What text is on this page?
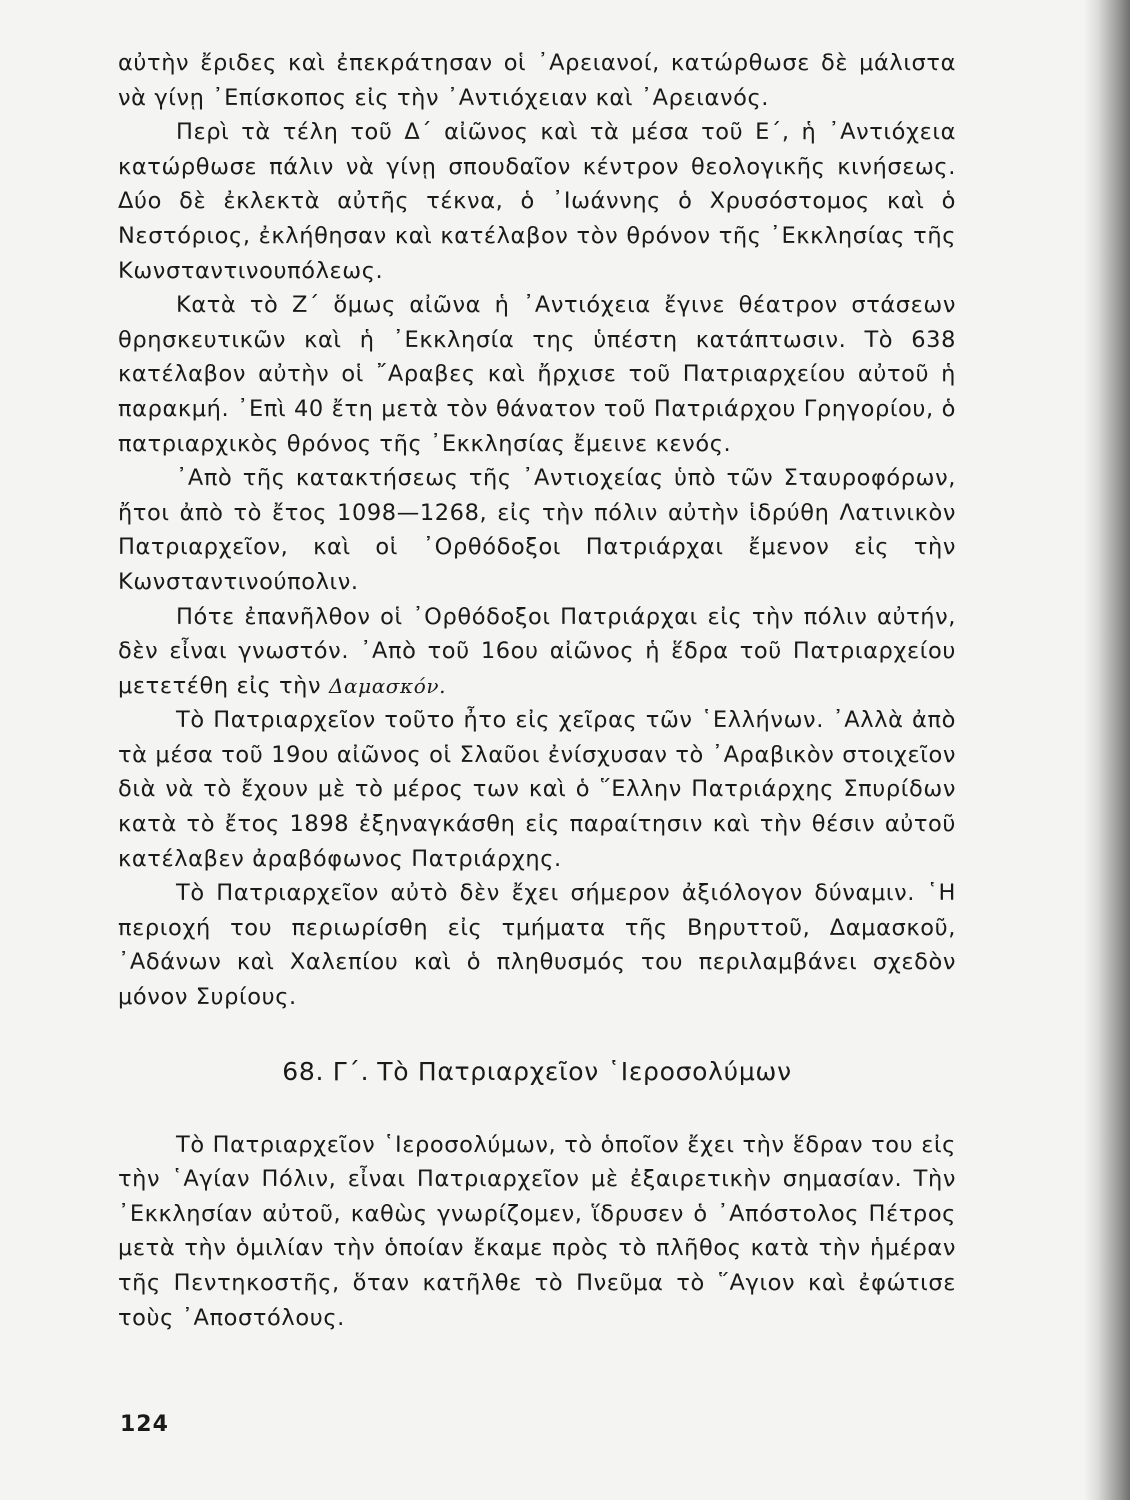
αὐτὴν ἔριδες καὶ ἐπεκράτησαν οἱ ᾿Αρειανοί, κατώρθωσε δὲ μάλιστα νὰ γίνῃ ᾿Επίσκοπος εἰς τὴν ᾿Αντιόχειαν καὶ ᾿Αρειανός.

Περὶ τὰ τέλη τοῦ Δ΄ αἰῶνος καὶ τὰ μέσα τοῦ Ε΄, ἡ ᾿Αντιόχεια κατώρθωσε πάλιν νὰ γίνῃ σπουδαῖον κέντρον θεολογικῆς κινήσεως. Δύο δὲ ἐκλεκτὰ αὐτῆς τέκνα, ὁ ᾿Ιωάννης ὁ Χρυσόστομος καὶ ὁ Νεστόριος, ἐκλήθησαν καὶ κατέλαβον τὸν θρόνον τῆς ᾿Εκκλησίας τῆς Κωνσταντινουπόλεως.

Κατὰ τὸ Ζ΄ ὅμως αἰῶνα ἡ ᾿Αντιόχεια ἔγινε θέατρον στάσεων θρησκευτικῶν καὶ ἡ ᾿Εκκλησία της ὑπέστη κατάπτωσιν. Τὸ 638 κατέλαβον αὐτὴν οἱ ῎Αραβες καὶ ἤρχισε τοῦ Πατριαρχείου αὐτοῦ ἡ παρακμή. ᾿Επὶ 40 ἔτη μετὰ τὸν θάνατον τοῦ Πατριάρχου Γρηγορίου, ὁ πατριαρχικὸς θρόνος τῆς ᾿Εκκλησίας ἔμεινε κενός.

᾿Απὸ τῆς κατακτήσεως τῆς ᾿Αντιοχείας ὑπὸ τῶν Σταυροφόρων, ἤτοι ἀπὸ τὸ ἔτος 1098—1268, εἰς τὴν πόλιν αὐτὴν ἱδρύθη Λατινικὸν Πατριαρχεῖον, καὶ οἱ ᾿Ορθόδοξοι Πατριάρχαι ἔμενον εἰς τὴν Κωνσταντινούπολιν.

Πότε ἐπανῆλθον οἱ ᾿Ορθόδοξοι Πατριάρχαι εἰς τὴν πόλιν αὐτήν, δὲν εἶναι γνωστόν. ᾿Απὸ τοῦ 16ου αἰῶνος ἡ ἕδρα τοῦ Πατριαρχείου μετετέθη εἰς τὴν Δαμασκόν.

Τὸ Πατριαρχεῖον τοῦτο ἦτο εἰς χεῖρας τῶν ῾Ελλήνων. ᾿Αλλὰ ἀπὸ τὰ μέσα τοῦ 19ου αἰῶνος οἱ Σλαῦοι ἐνίσχυσαν τὸ ᾿Αραβικὸν στοιχεῖον διὰ νὰ τὸ ἔχουν μὲ τὸ μέρος των καὶ ὁ ῞Ελλην Πατριάρχης Σπυρίδων κατὰ τὸ ἔτος 1898 ἐξηναγκάσθη εἰς παραίτησιν καὶ τὴν θέσιν αὐτοῦ κατέλαβεν ἀραβόφωνος Πατριάρχης.

Τὸ Πατριαρχεῖον αὐτὸ δὲν ἔχει σήμερον ἀξιόλογον δύναμιν. ῾Η περιοχή του περιωρίσθη εἰς τμήματα τῆς Βηρυττοῦ, Δαμασκοῦ, ᾿Αδάνων καὶ Χαλεπίου καὶ ὁ πληθυσμός του περιλαμβάνει σχεδὸν μόνον Συρίους.

68. Γ΄. Τὸ Πατριαρχεῖον ῾Ιεροσολύμων

Τὸ Πατριαρχεῖον ῾Ιεροσολύμων, τὸ ὁποῖον ἔχει τὴν ἕδραν του εἰς τὴν ῾Αγίαν Πόλιν, εἶναι Πατριαρχεῖον μὲ ἐξαιρετικὴν σημασίαν. Τὴν ᾿Εκκλησίαν αὐτοῦ, καθὼς γνωρίζομεν, ἵδρυσεν ὁ ᾿Απόστολος Πέτρος μετὰ τὴν ὁμιλίαν τὴν ὁποίαν ἔκαμε πρὸς τὸ πλῆθος κατὰ τὴν ἡμέραν τῆς Πεντηκοστῆς, ὅταν κατῆλθε τὸ Πνεῦμα τὸ ῞Αγιον καὶ ἐφώτισε τοὺς ᾿Αποστόλους.

124
